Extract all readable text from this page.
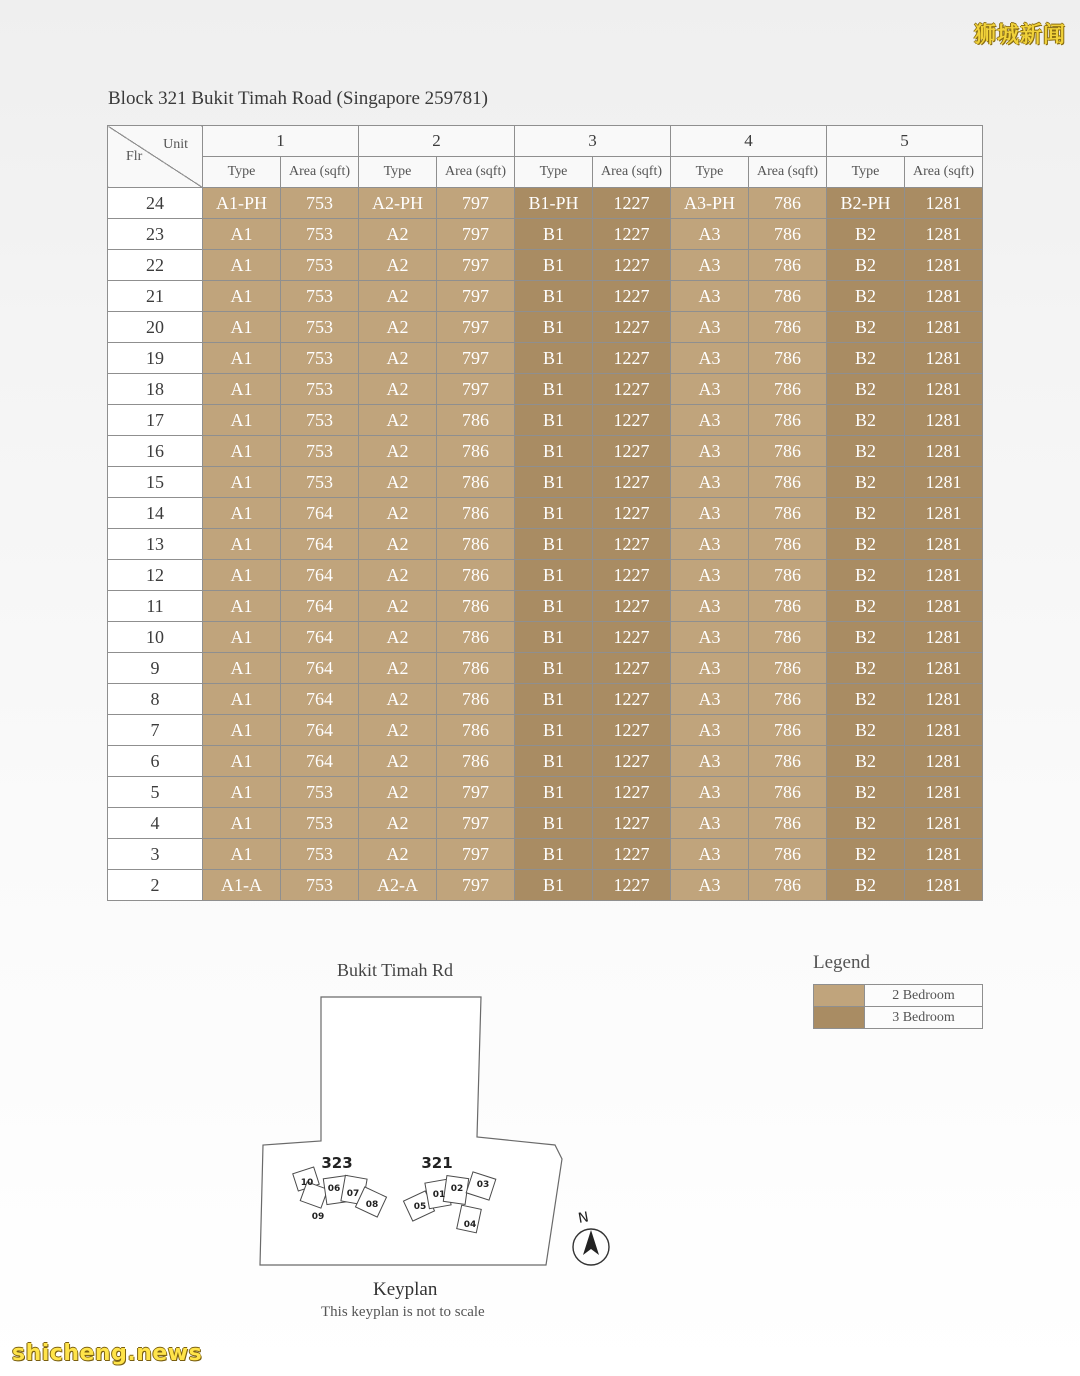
狮城新闻
Block 321 Bukit Timah Road (Singapore 259781)
Unit
Flr	1		2		3		4		5	
	Type	Area (sqft)	Type	Area (sqft)	Type	Area (sqft)	Type	Area (sqft)	Type	Area (sqft)
24	A1-PH	753	A2-PH	797	B1-PH	1227	A3-PH	786	B2-PH	1281
23	A1	753	A2	797	B1	1227	A3	786	B2	1281
22	A1	753	A2	797	B1	1227	A3	786	B2	1281
21	A1	753	A2	797	B1	1227	A3	786	B2	1281
20	A1	753	A2	797	B1	1227	A3	786	B2	1281
19	A1	753	A2	797	B1	1227	A3	786	B2	1281
18	A1	753	A2	797	B1	1227	A3	786	B2	1281
17	A1	753	A2	786	B1	1227	A3	786	B2	1281
16	A1	753	A2	786	B1	1227	A3	786	B2	1281
15	A1	753	A2	786	B1	1227	A3	786	B2	1281
14	A1	764	A2	786	B1	1227	A3	786	B2	1281
13	A1	764	A2	786	B1	1227	A3	786	B2	1281
12	A1	764	A2	786	B1	1227	A3	786	B2	1281
11	A1	764	A2	786	B1	1227	A3	786	B2	1281
10	A1	764	A2	786	B1	1227	A3	786	B2	1281
9	A1	764	A2	786	B1	1227	A3	786	B2	1281
8	A1	764	A2	786	B1	1227	A3	786	B2	1281
7	A1	764	A2	786	B1	1227	A3	786	B2	1281
6	A1	764	A2	786	B1	1227	A3	786	B2	1281
5	A1	753	A2	797	B1	1227	A3	786	B2	1281
4	A1	753	A2	797	B1	1227	A3	786	B2	1281
3	A1	753	A2	797	B1	1227	A3	786	B2	1281
2	A1-A	753	A2-A	797	B1	1227	A3	786	B2	1281
Bukit Timah Rd
323	321
10
06 07
08
09
05
01
02 03
04	N
Keyplan
This keyplan is not to scale
Legend
2 Bedroom
3 Bedroom
shicheng.news
